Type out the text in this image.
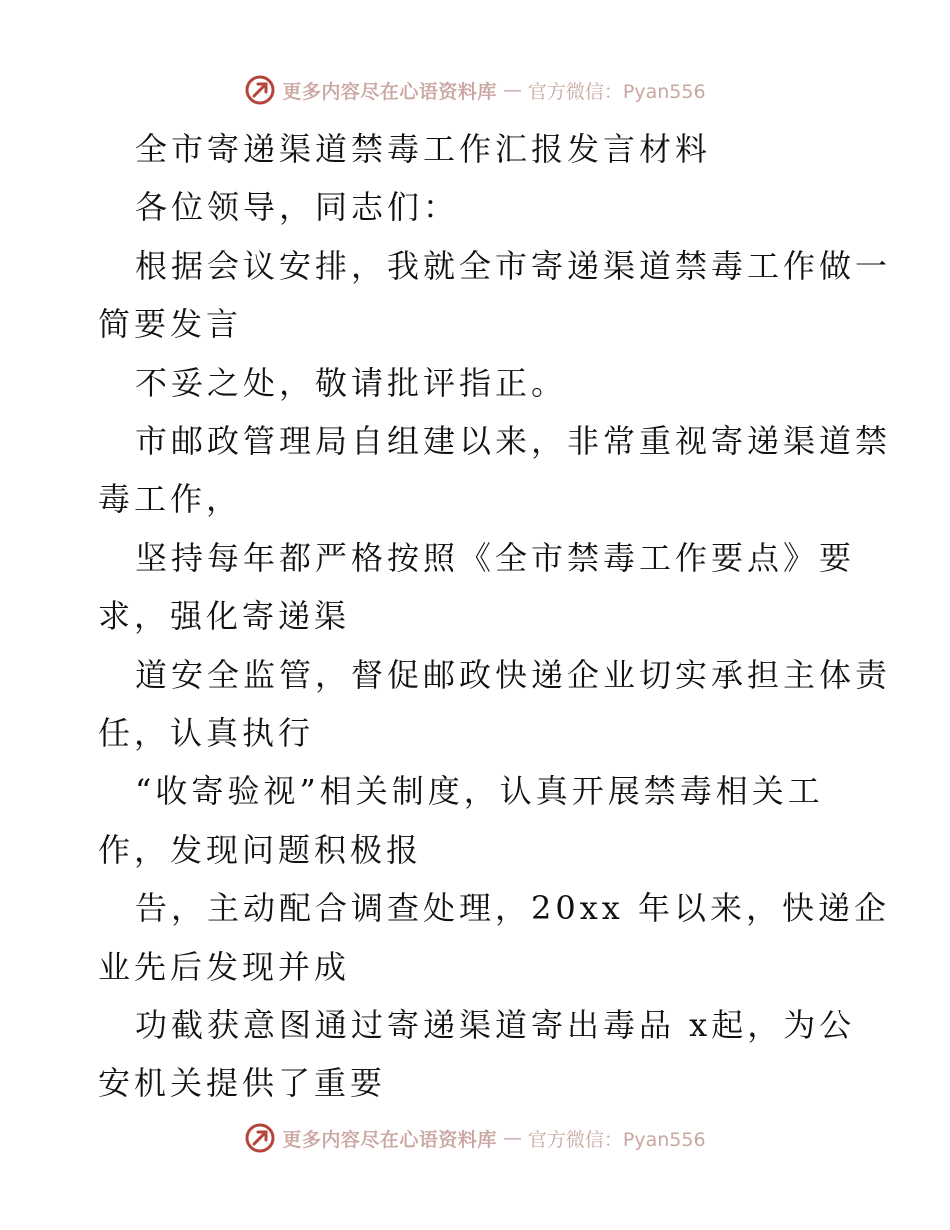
更多内容尽在心语资料库 — 官方微信：Pyan556
全市寄递渠道禁毒工作汇报发言材料
各位领导，同志们：
根据会议安排，我就全市寄递渠道禁毒工作做一
简要发言
不妥之处，敬请批评指正。
市邮政管理局自组建以来，非常重视寄递渠道禁
毒工作，
坚持每年都严格按照《全市禁毒工作要点》要
求，强化寄递渠
道安全监管，督促邮政快递企业切实承担主体责
任，认真执行
“收寄验视”相关制度，认真开展禁毒相关工
作，发现问题积极报
告，主动配合调查处理，20xx 年以来，快递企
业先后发现并成
功截获意图通过寄递渠道寄出毒品 x起，为公
安机关提供了重要
更多内容尽在心语资料库 — 官方微信：Pyan556
